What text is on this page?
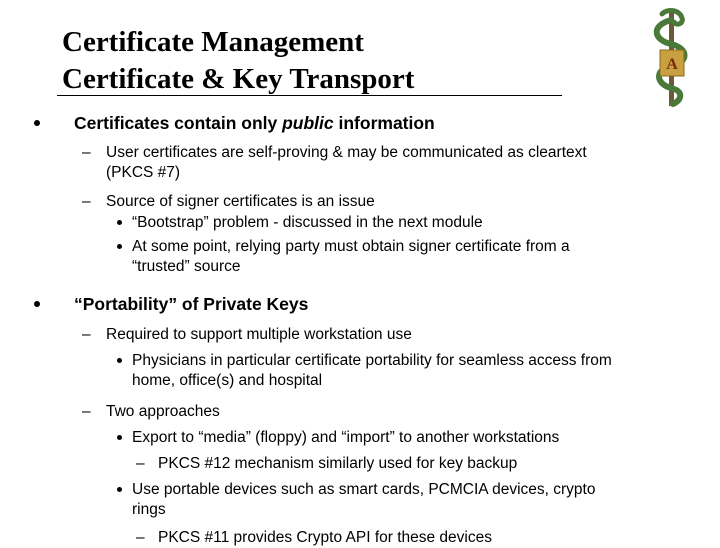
Certificate Management
Certificate & Key Transport	A
Certificates contain only public information
– User certificates are self-proving & may be communicated as cleartext
(PKCS #7)
– Source of signer certificates is an issue
“Bootstrap” problem - discussed in the next module
At some point, relying party must obtain signer certificate from a
“trusted” source
“Portability” of Private Keys
– Required to support multiple workstation use
Physicians in particular certificate portability for seamless access from
home, office(s) and hospital
– Two approaches
Export to “media” (floppy) and “import” to another workstations
– PKCS #12 mechanism similarly used for key backup
Use portable devices such as smart cards, PCMCIA devices, crypto
rings
– PKCS #11 provides Crypto API for these devices
